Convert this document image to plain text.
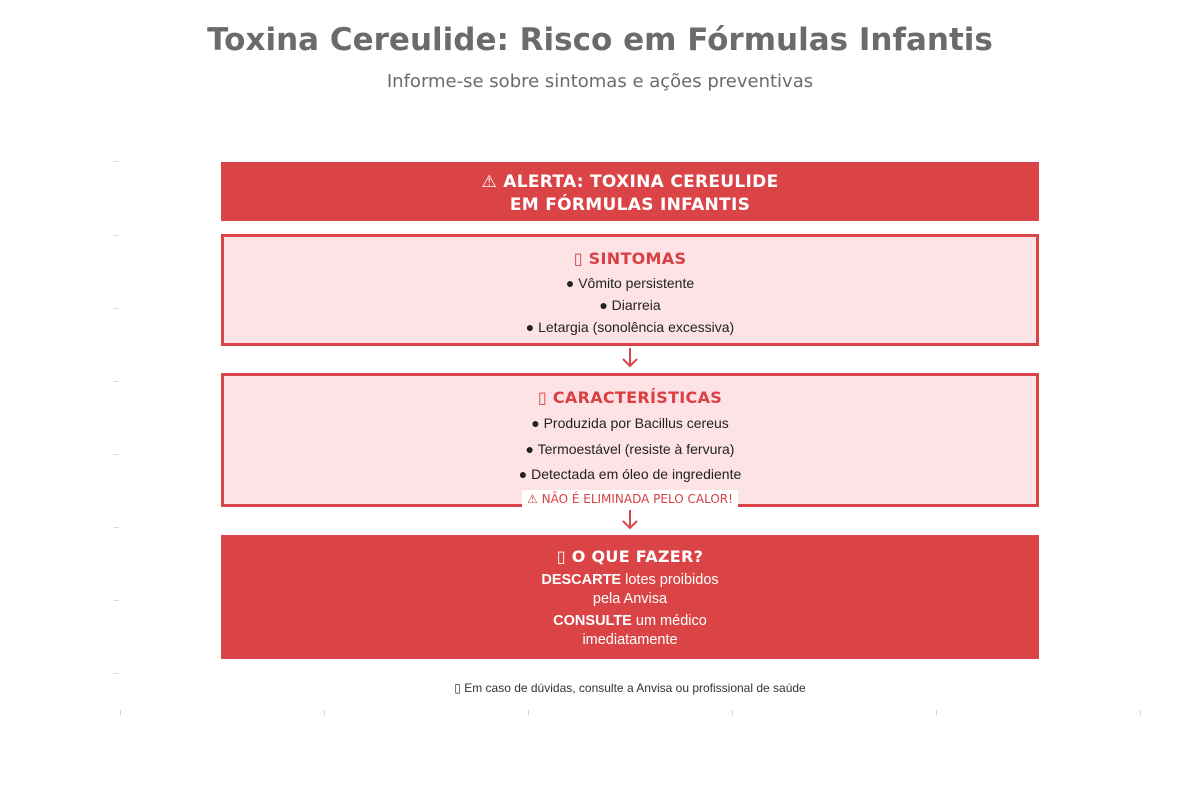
Toxina Cereulide: Risco em Fórmulas Infantis
Informe-se sobre sintomas e ações preventivas
⚠ ALERTA: TOXINA CEREULIDE
EM FÓRMULAS INFANTIS
▯ SINTOMAS
● Vômito persistente
● Diarreia
● Letargia (sonolência excessiva)
▯ CARACTERÍSTICAS
● Produzida por Bacillus cereus
● Termoestável (resiste à fervura)
● Detectada em óleo de ingrediente
⚠ NÃO É ELIMINADA PELO CALOR!
▯ O QUE FAZER?
DESCARTE lotes proibidos
pela Anvisa
CONSULTE um médico
imediatamente
▯ Em caso de dúvidas, consulte a Anvisa ou profissional de saúde
